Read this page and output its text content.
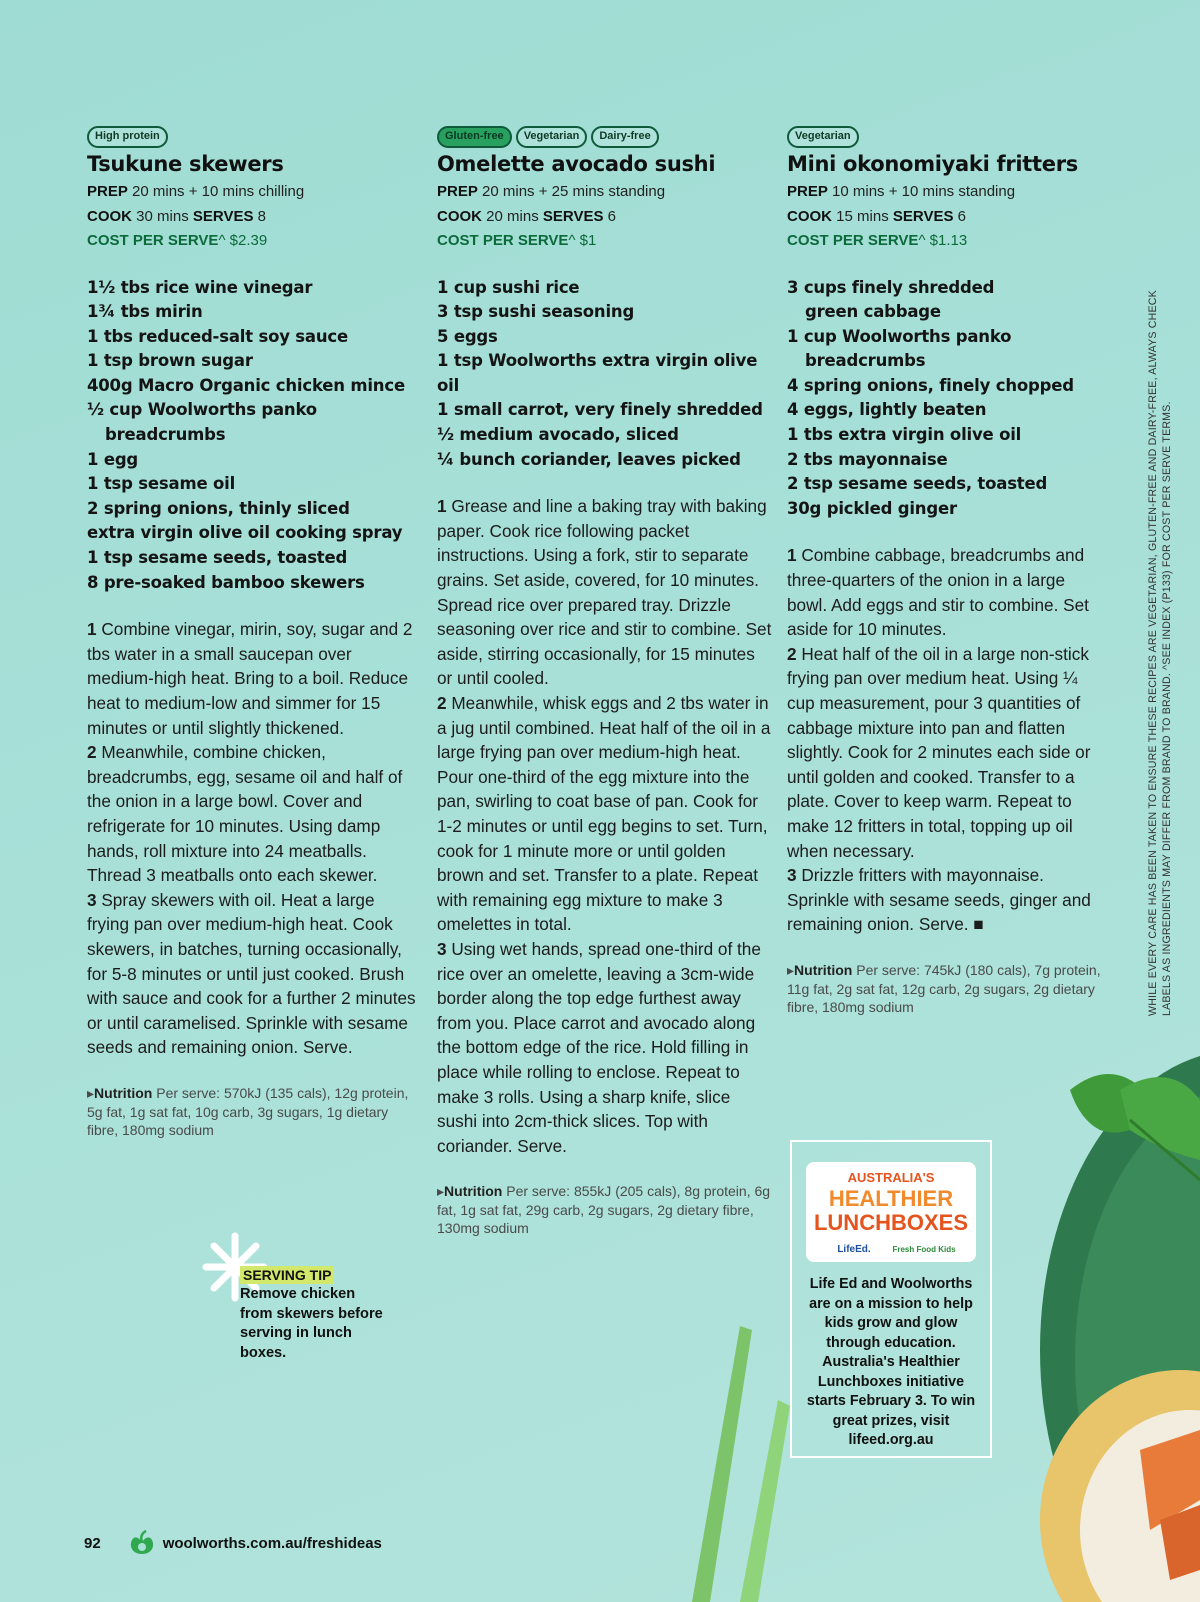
High protein
Tsukune skewers
PREP 20 mins + 10 mins chilling
COOK 30 mins SERVES 8
COST PER SERVE^ $2.39
1½ tbs rice wine vinegar
1¾ tbs mirin
1 tbs reduced-salt soy sauce
1 tsp brown sugar
400g Macro Organic chicken mince
½ cup Woolworths panko
breadcrumbs
1 egg
1 tsp sesame oil
2 spring onions, thinly sliced
extra virgin olive oil cooking spray
1 tsp sesame seeds, toasted
8 pre-soaked bamboo skewers

1 Combine vinegar, mirin, soy, sugar and 2 tbs water in a small saucepan over medium-high heat. Bring to a boil. Reduce heat to medium-low and simmer for 15 minutes or until slightly thickened.

2 Meanwhile, combine chicken, breadcrumbs, egg, sesame oil and half of the onion in a large bowl. Cover and refrigerate for 10 minutes. Using damp hands, roll mixture into 24 meatballs. Thread 3 meatballs onto each skewer.

3 Spray skewers with oil. Heat a large frying pan over medium-high heat. Cook skewers, in batches, turning occasionally, for 5-8 minutes or until just cooked. Brush with sauce and cook for a further 2 minutes or until caramelised. Sprinkle with sesame seeds and remaining onion. Serve.

▸Nutrition Per serve: 570kJ (135 cals), 12g protein, 5g fat, 1g sat fat, 10g carb, 3g sugars, 1g dietary fibre, 180mg sodium
Gluten-free	Vegetarian	Dairy-free
Omelette avocado sushi
PREP 20 mins + 25 mins standing
COOK 20 mins SERVES 6
COST PER SERVE^ $1
1 cup sushi rice
3 tsp sushi seasoning
5 eggs
1 tsp Woolworths extra virgin olive oil
1 small carrot, very finely shredded
½ medium avocado, sliced
¼ bunch coriander, leaves picked

1 Grease and line a baking tray with baking paper. Cook rice following packet instructions. Using a fork, stir to separate grains. Set aside, covered, for 10 minutes. Spread rice over prepared tray. Drizzle seasoning over rice and stir to combine. Set aside, stirring occasionally, for 15 minutes or until cooled.

2 Meanwhile, whisk eggs and 2 tbs water in a jug until combined. Heat half of the oil in a large frying pan over medium-high heat. Pour one-third of the egg mixture into the pan, swirling to coat base of pan. Cook for 1-2 minutes or until egg begins to set. Turn, cook for 1 minute more or until golden brown and set. Transfer to a plate. Repeat with remaining egg mixture to make 3 omelettes in total.

3 Using wet hands, spread one-third of the rice over an omelette, leaving a 3cm-wide border along the top edge furthest away from you. Place carrot and avocado along the bottom edge of the rice. Hold filling in place while rolling to enclose. Repeat to make 3 rolls. Using a sharp knife, slice sushi into 2cm-thick slices. Top with coriander. Serve.

▸Nutrition Per serve: 855kJ (205 cals), 8g protein, 6g fat, 1g sat fat, 29g carb, 2g sugars, 2g dietary fibre, 130mg sodium
Vegetarian
Mini okonomiyaki fritters
PREP 10 mins + 10 mins standing
COOK 15 mins SERVES 6
COST PER SERVE^ $1.13
3 cups finely shredded
green cabbage
1 cup Woolworths panko
breadcrumbs
4 spring onions, finely chopped
4 eggs, lightly beaten
1 tbs extra virgin olive oil
2 tbs mayonnaise
2 tsp sesame seeds, toasted
30g pickled ginger

1 Combine cabbage, breadcrumbs and three-quarters of the onion in a large bowl. Add eggs and stir to combine. Set aside for 10 minutes.

2 Heat half of the oil in a large non-stick frying pan over medium heat. Using ¼ cup measurement, pour 3 quantities of cabbage mixture into pan and flatten slightly. Cook for 2 minutes each side or until golden and cooked. Transfer to a plate. Cover to keep warm. Repeat to make 12 fritters in total, topping up oil when necessary.

3 Drizzle fritters with mayonnaise. Sprinkle with sesame seeds, ginger and remaining onion. Serve. ■

▸Nutrition Per serve: 745kJ (180 cals), 7g protein, 11g fat, 2g sat fat, 12g carb, 2g sugars, 2g dietary fibre, 180mg sodium
SERVING TIP
Remove chicken from skewers before serving in lunch boxes.
AUSTRALIA'S
HEALTHIER
LUNCHBOXES
LifeEd.	Fresh Food Kids
Life Ed and Woolworths are on a mission to help kids grow and glow through education. Australia's Healthier Lunchboxes initiative starts February 3. To win great prizes, visit lifeed.org.au
WHILE EVERY CARE HAS BEEN TAKEN TO ENSURE THESE RECIPES ARE VEGETARIAN, GLUTEN-FREE AND DAIRY-FREE, ALWAYS CHECK LABELS AS INGREDIENTS MAY DIFFER FROM BRAND TO BRAND. ^SEE INDEX (P133) FOR COST PER SERVE TERMS.
92	woolworths.com.au/freshideas
